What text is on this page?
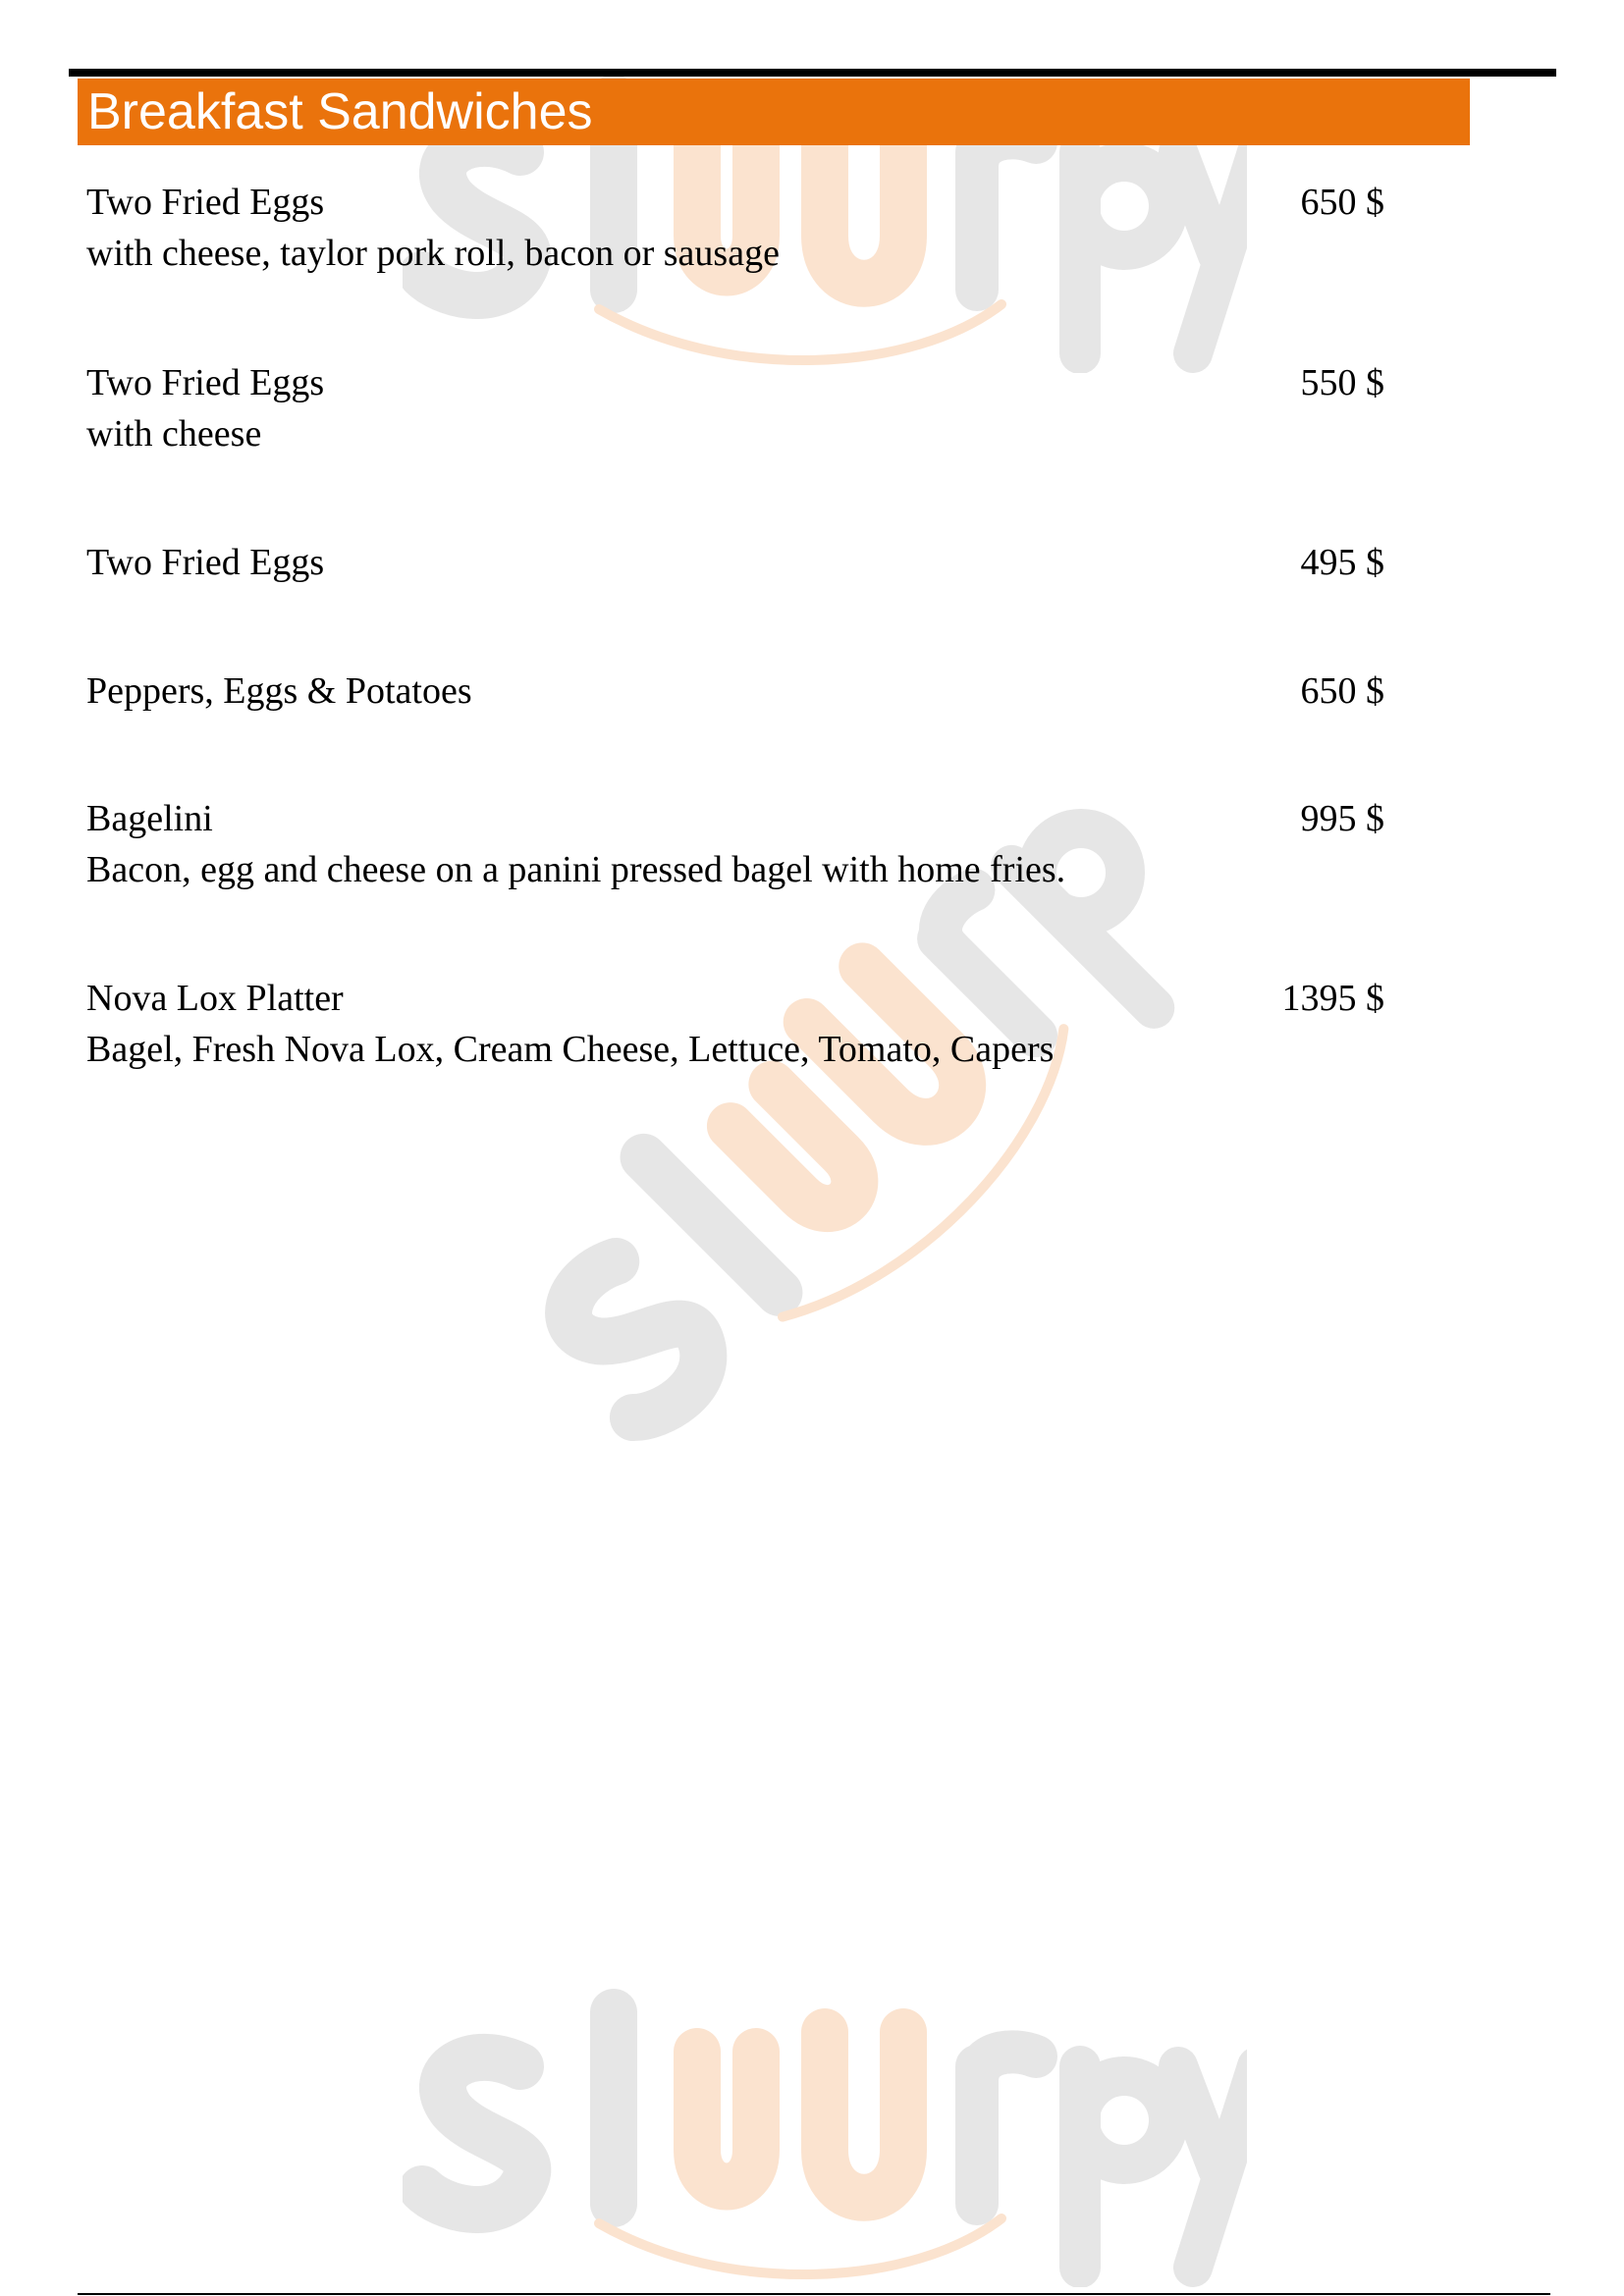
Breakfast Sandwiches
Two Fried Eggs
with cheese, taylor pork roll, bacon or sausage
650 $
Two Fried Eggs
with cheese
550 $
Two Fried Eggs	495 $
Peppers, Eggs & Potatoes	650 $
Bagelini
Bacon, egg and cheese on a panini pressed bagel with home fries.
995 $
Nova Lox Platter
Bagel, Fresh Nova Lox, Cream Cheese, Lettuce, Tomato, Capers
1395 $
